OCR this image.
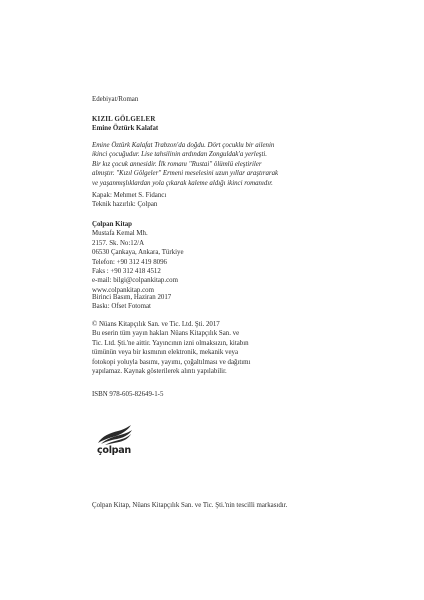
Edebiyat/Roman

KIZIL GÖLGELER

Emine Öztürk Kalafat

Emine Öztürk Kalafat Trabzon'da doğdu. Dört çocuklu bir ailenin

ikinci çocuğudur. Lise tahsilinin ardından Zonguldak'a yerleşti.

Bir kız çocuk annesidir. İlk romanı "Rustai" ölümlü eleştiriler

almıştır. "Kızıl Gölgeler" Ermeni meselesini uzun yıllar araştırarak

ve yaşanmışlıklardan yola çıkarak kaleme aldığı ikinci romanıdır.

Kapak: Mehmet S. Fidancı

Teknik hazırlık: Çolpan

Çolpan Kitap

Mustafa Kemal Mh.

2157. Sk. No:12/A

06530 Çankaya, Ankara, Türkiye

Telefon: +90 312 419 8096

Faks : +90 312 418 4512

e-mail: bilgi@colpankitap.com

www.colpankitap.com

Birinci Basım, Haziran 2017

Baskı: Ofset Fotomat

© Nüans Kitapçılık San. ve Tic. Ltd. Şti. 2017

Bu eserin tüm yayın hakları Nüans Kitapçılık San. ve

Tic. Ltd. Şti.'ne aittir. Yayıncının izni olmaksızın, kitabın

tümünün veya bir kısmının elektronik, mekanik veya

fotokopi yoluyla basımı, yayımı, çoğaltılması ve dağıtımı

yapılamaz. Kaynak gösterilerek alıntı yapılabilir.

ISBN 978-605-82649-1-5

çolpan

Çolpan Kitap, Nüans Kitapçılık San. ve Tic. Şti.'nin tescilli markasıdır.
